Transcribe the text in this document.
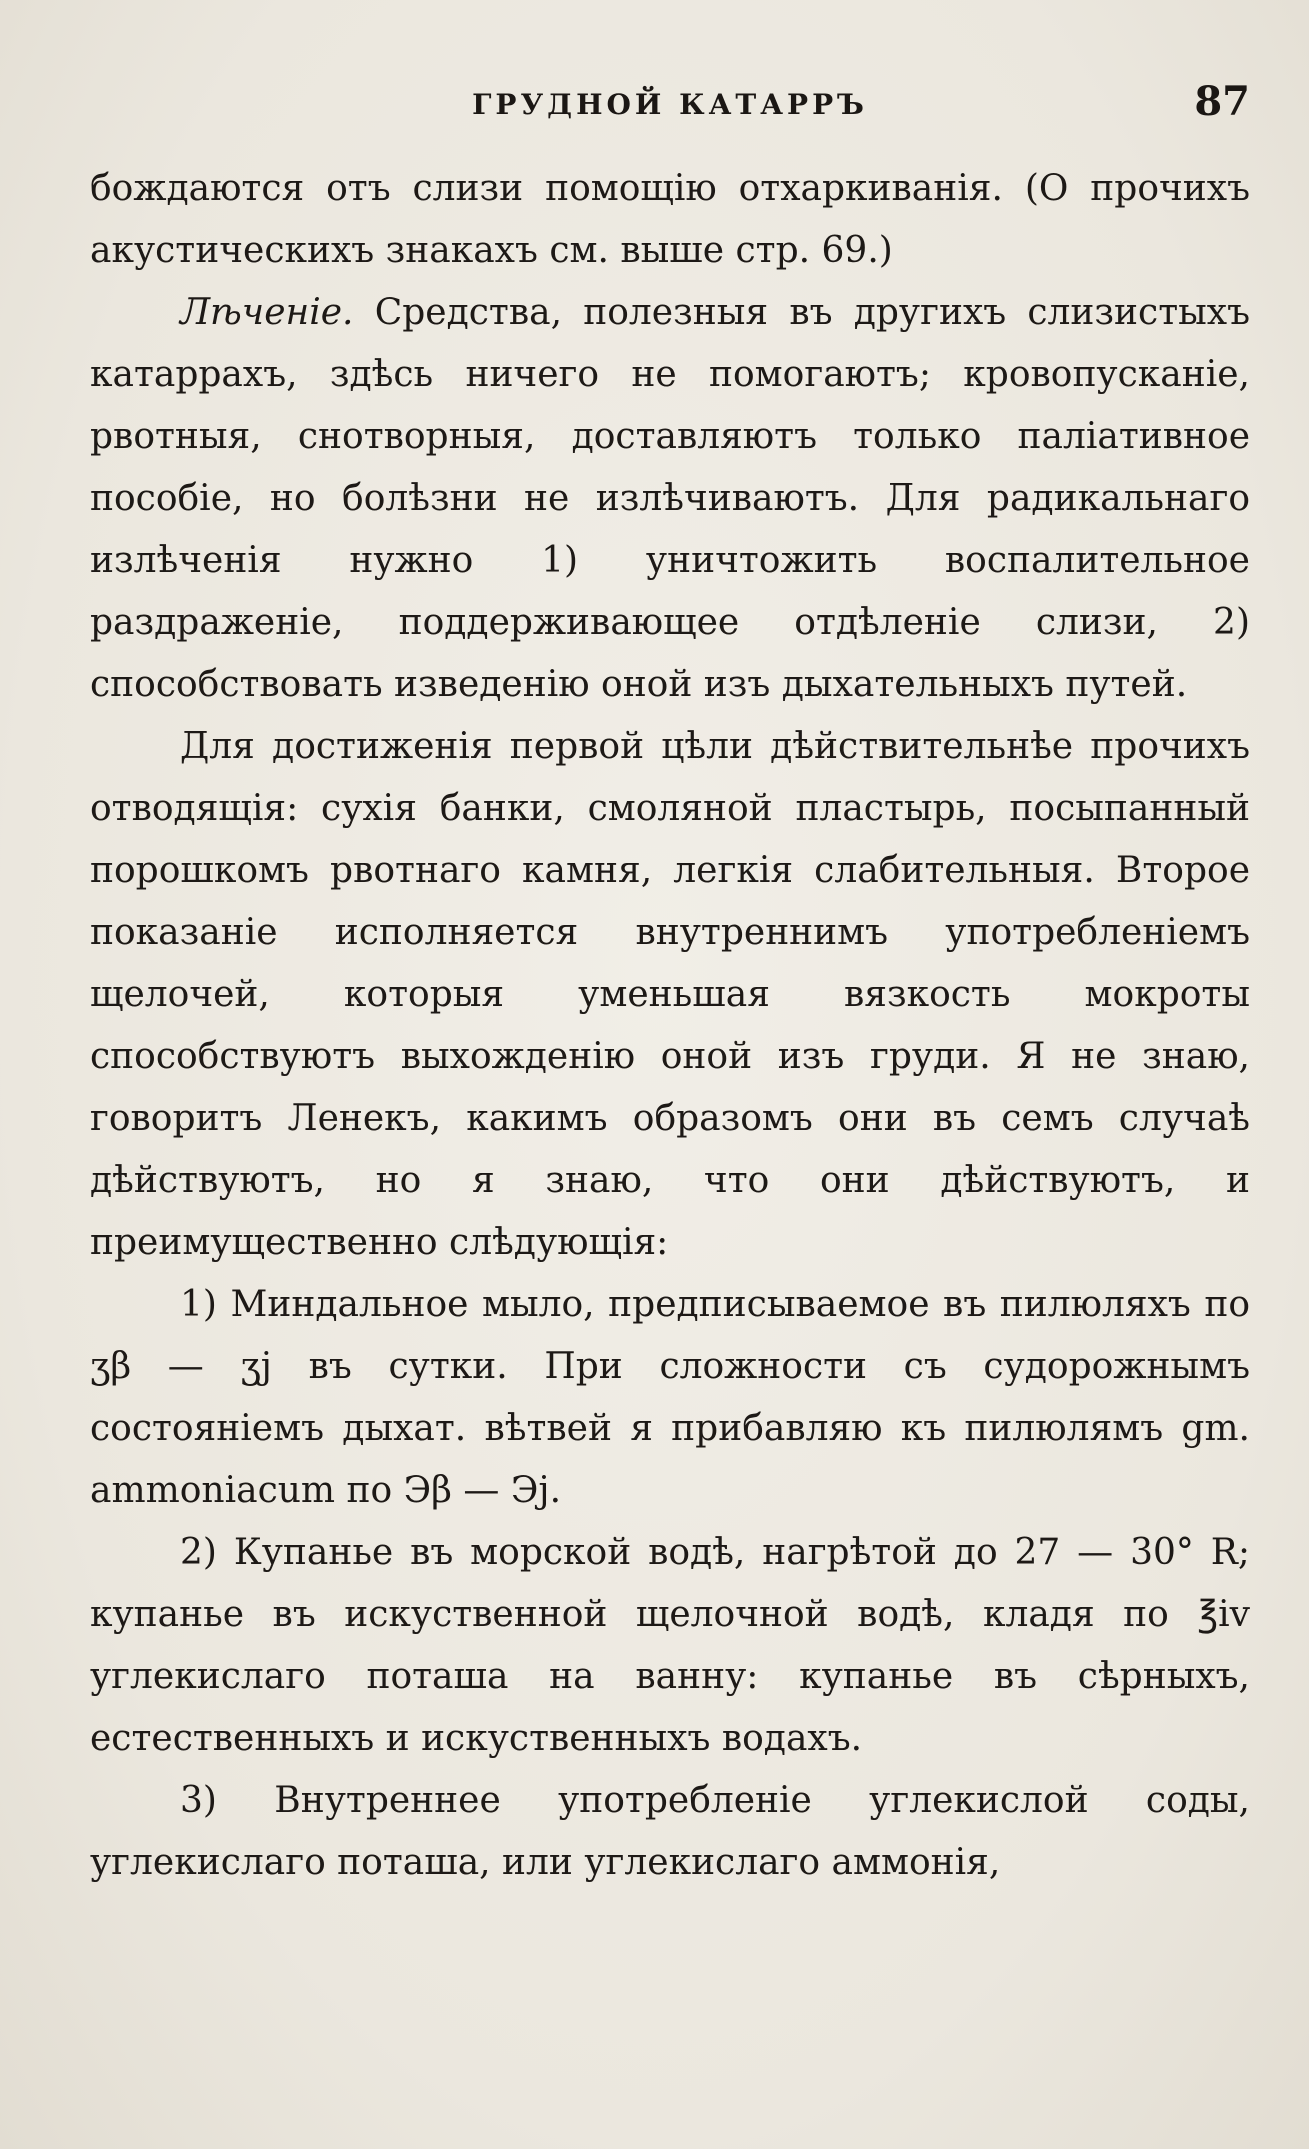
ГРУДНОЙ КАТАРРЪ	87

бождаются отъ слизи помощію отхаркиванія. (О прочихъ акустическихъ знакахъ см. выше стр. 69.)

Лѣченіе. Средства, полезныя въ другихъ слизистыхъ катаррахъ, здѣсь ничего не помогаютъ; кровопусканіе, рвотныя, снотворныя, доставляютъ только паліативное пособіе, но болѣзни не излѣчиваютъ. Для радикальнаго излѣченія нужно 1) уничтожить воспалительное раздраженіе, поддерживающее отдѣленіе слизи, 2) способствовать изведенію оной изъ дыхательныхъ путей.

Для достиженія первой цѣли дѣйствительнѣе прочихъ отводящія: сухія банки, смоляной пластырь, посыпанный порошкомъ рвотнаго камня, легкія слабительныя. Второе показаніе исполняется внутреннимъ употребленіемъ щелочей, которыя уменьшая вязкость мокроты способствуютъ выхожденію оной изъ груди. Я не знаю, говоритъ Ленекъ, какимъ образомъ они въ семъ случаѣ дѣйствуютъ, но я знаю, что они дѣйствуютъ, и преимущественно слѣдующія:

1) Миндальное мыло, предписываемое въ пилюляхъ по ʒβ — ʒj въ сутки. При сложности съ судорожнымъ состояніемъ дыхат. вѣтвей я прибавляю къ пилюлямъ gm. ammoniacum по Эβ — Эj.

2) Купанье въ морской водѣ, нагрѣтой до 27 — 30° R; купанье въ искуственной щелочной водѣ, кладя по ℥iv углекислаго поташа на ванну: купанье въ сѣрныхъ, естественныхъ и искуственныхъ водахъ.

3) Внутреннее употребленіе углекислой соды, углекислаго поташа, или углекислаго аммонія,
